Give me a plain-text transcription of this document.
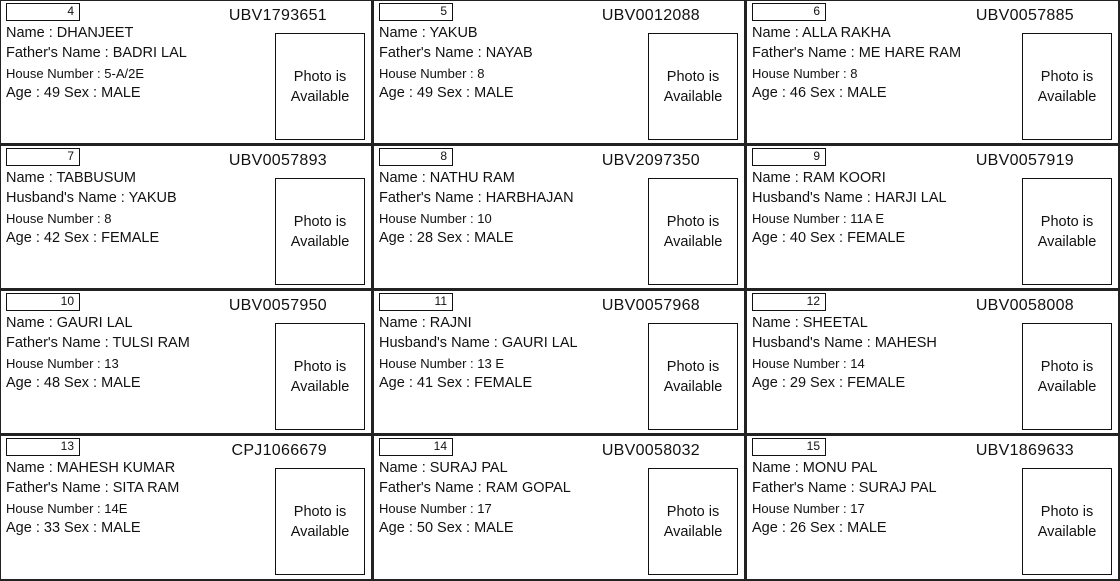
4	UBV1793651
Name : DHANJEET
Father's Name : BADRI LAL
House Number : 5-A/2E
Age : 49 Sex : MALE
Photo is Available
5	UBV0012088
Name : YAKUB
Father's Name : NAYAB
House Number : 8
Age : 49 Sex : MALE
Photo is Available
6	UBV0057885
Name : ALLA RAKHA
Father's Name : ME HARE RAM
House Number : 8
Age : 46 Sex : MALE
Photo is Available
7	UBV0057893
Name : TABBUSUM
Husband's Name : YAKUB
House Number : 8
Age : 42 Sex : FEMALE
Photo is Available
8	UBV2097350
Name : NATHU RAM
Father's Name : HARBHAJAN
House Number : 10
Age : 28 Sex : MALE
Photo is Available
9	UBV0057919
Name : RAM KOORI
Husband's Name : HARJI LAL
House Number : 11A E
Age : 40 Sex : FEMALE
Photo is Available
10	UBV0057950
Name : GAURI LAL
Father's Name : TULSI RAM
House Number : 13
Age : 48 Sex : MALE
Photo is Available
11	UBV0057968
Name : RAJNI
Husband's Name : GAURI LAL
House Number : 13 E
Age : 41 Sex : FEMALE
Photo is Available
12	UBV0058008
Name : SHEETAL
Husband's Name : MAHESH
House Number : 14
Age : 29 Sex : FEMALE
Photo is Available
13	CPJ1066679
Name : MAHESH KUMAR
Father's Name : SITA RAM
House Number : 14E
Age : 33 Sex : MALE
Photo is Available
14	UBV0058032
Name : SURAJ PAL
Father's Name : RAM GOPAL
House Number : 17
Age : 50 Sex : MALE
Photo is Available
15	UBV1869633
Name : MONU PAL
Father's Name : SURAJ PAL
House Number : 17
Age : 26 Sex : MALE
Photo is Available
